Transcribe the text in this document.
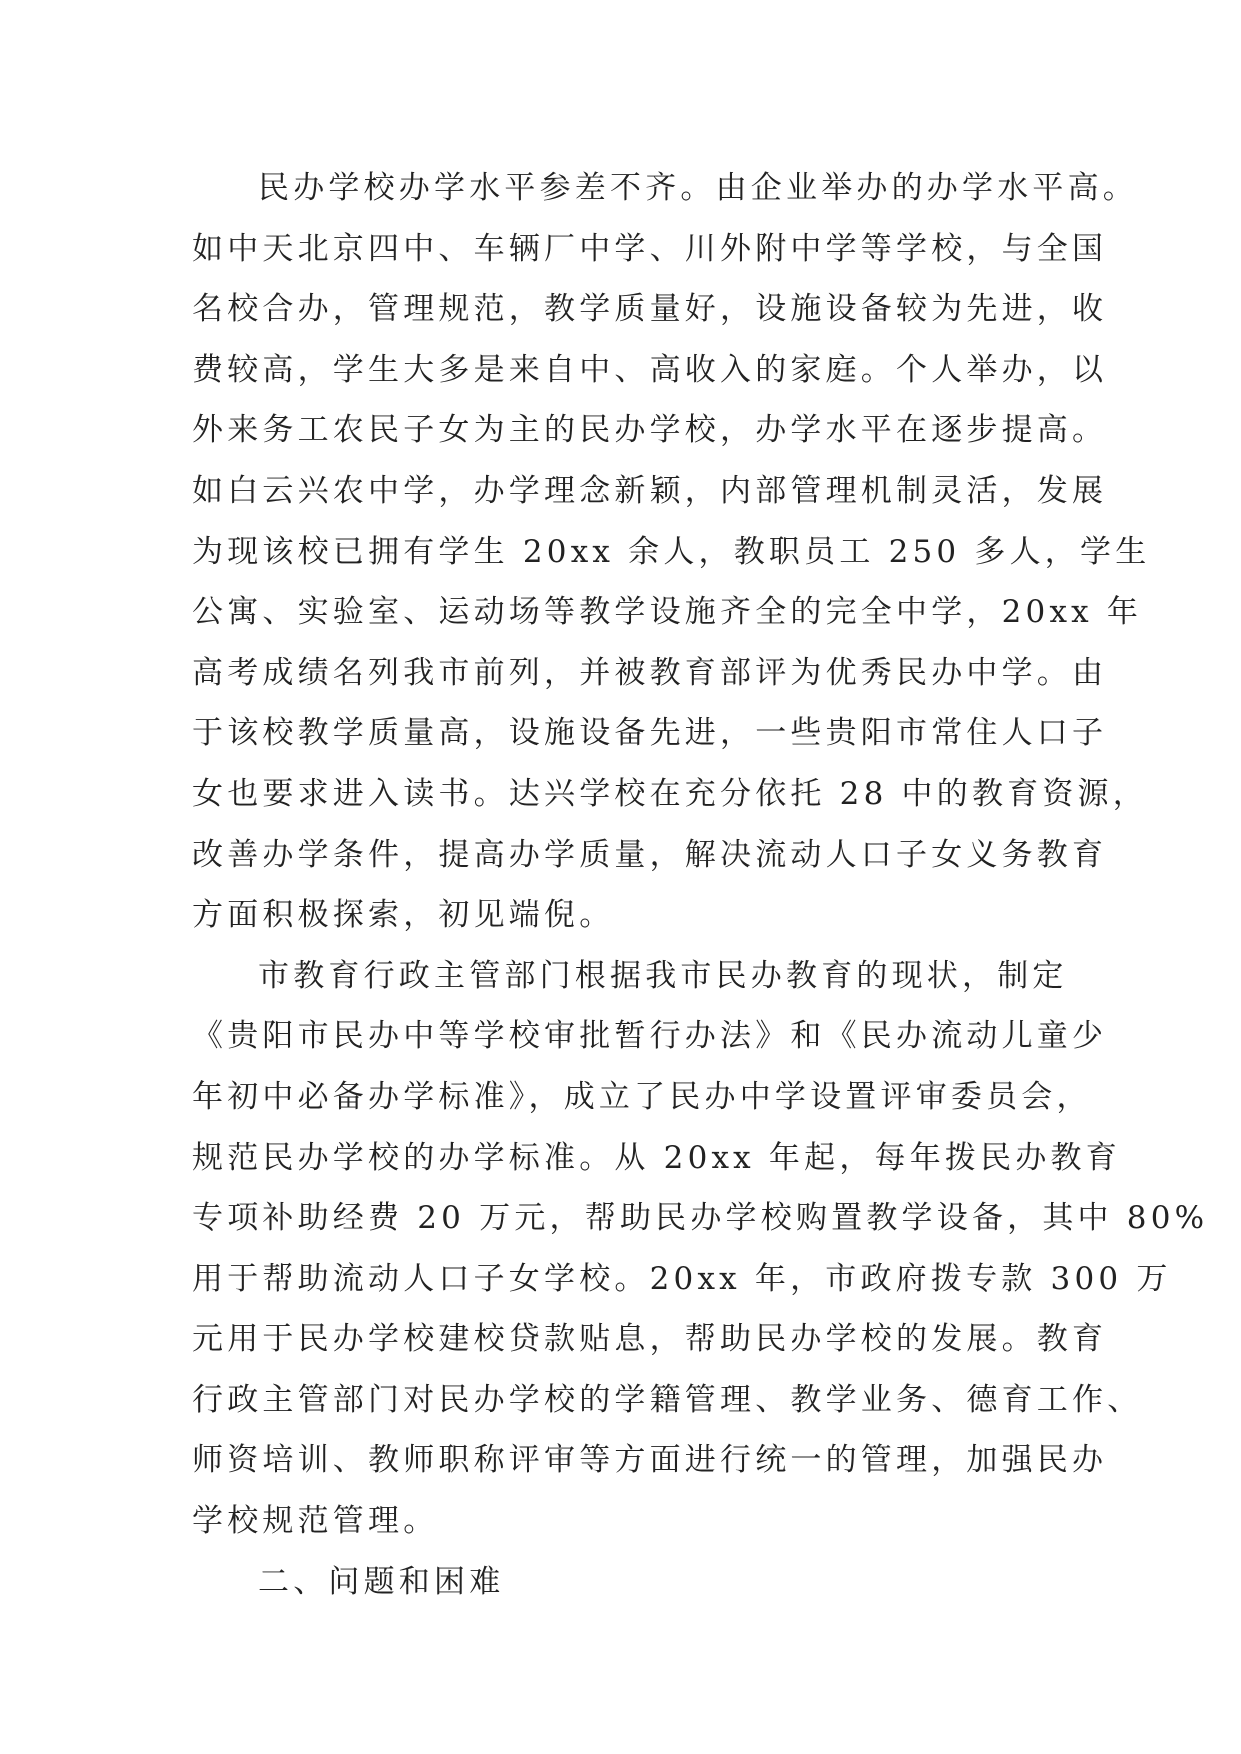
民办学校办学水平参差不齐。由企业举办的办学水平高。
如中天北京四中、车辆厂中学、川外附中学等学校，与全国
名校合办，管理规范，教学质量好，设施设备较为先进，收
费较高，学生大多是来自中、高收入的家庭。个人举办，以
外来务工农民子女为主的民办学校，办学水平在逐步提高。
如白云兴农中学，办学理念新颖，内部管理机制灵活，发展
为现该校已拥有学生 20xx 余人，教职员工 250 多人，学生
公寓、实验室、运动场等教学设施齐全的完全中学，20xx 年
高考成绩名列我市前列，并被教育部评为优秀民办中学。由
于该校教学质量高，设施设备先进，一些贵阳市常住人口子
女也要求进入读书。达兴学校在充分依托 28 中的教育资源，
改善办学条件，提高办学质量，解决流动人口子女义务教育
方面积极探索，初见端倪。
市教育行政主管部门根据我市民办教育的现状，制定
《贵阳市民办中等学校审批暂行办法》和《民办流动儿童少
年初中必备办学标准》，成立了民办中学设置评审委员会，
规范民办学校的办学标准。从 20xx 年起，每年拨民办教育
专项补助经费 20 万元，帮助民办学校购置教学设备，其中 80%
用于帮助流动人口子女学校。20xx 年，市政府拨专款 300 万
元用于民办学校建校贷款贴息，帮助民办学校的发展。教育
行政主管部门对民办学校的学籍管理、教学业务、德育工作、
师资培训、教师职称评审等方面进行统一的管理，加强民办
学校规范管理。
二、问题和困难
